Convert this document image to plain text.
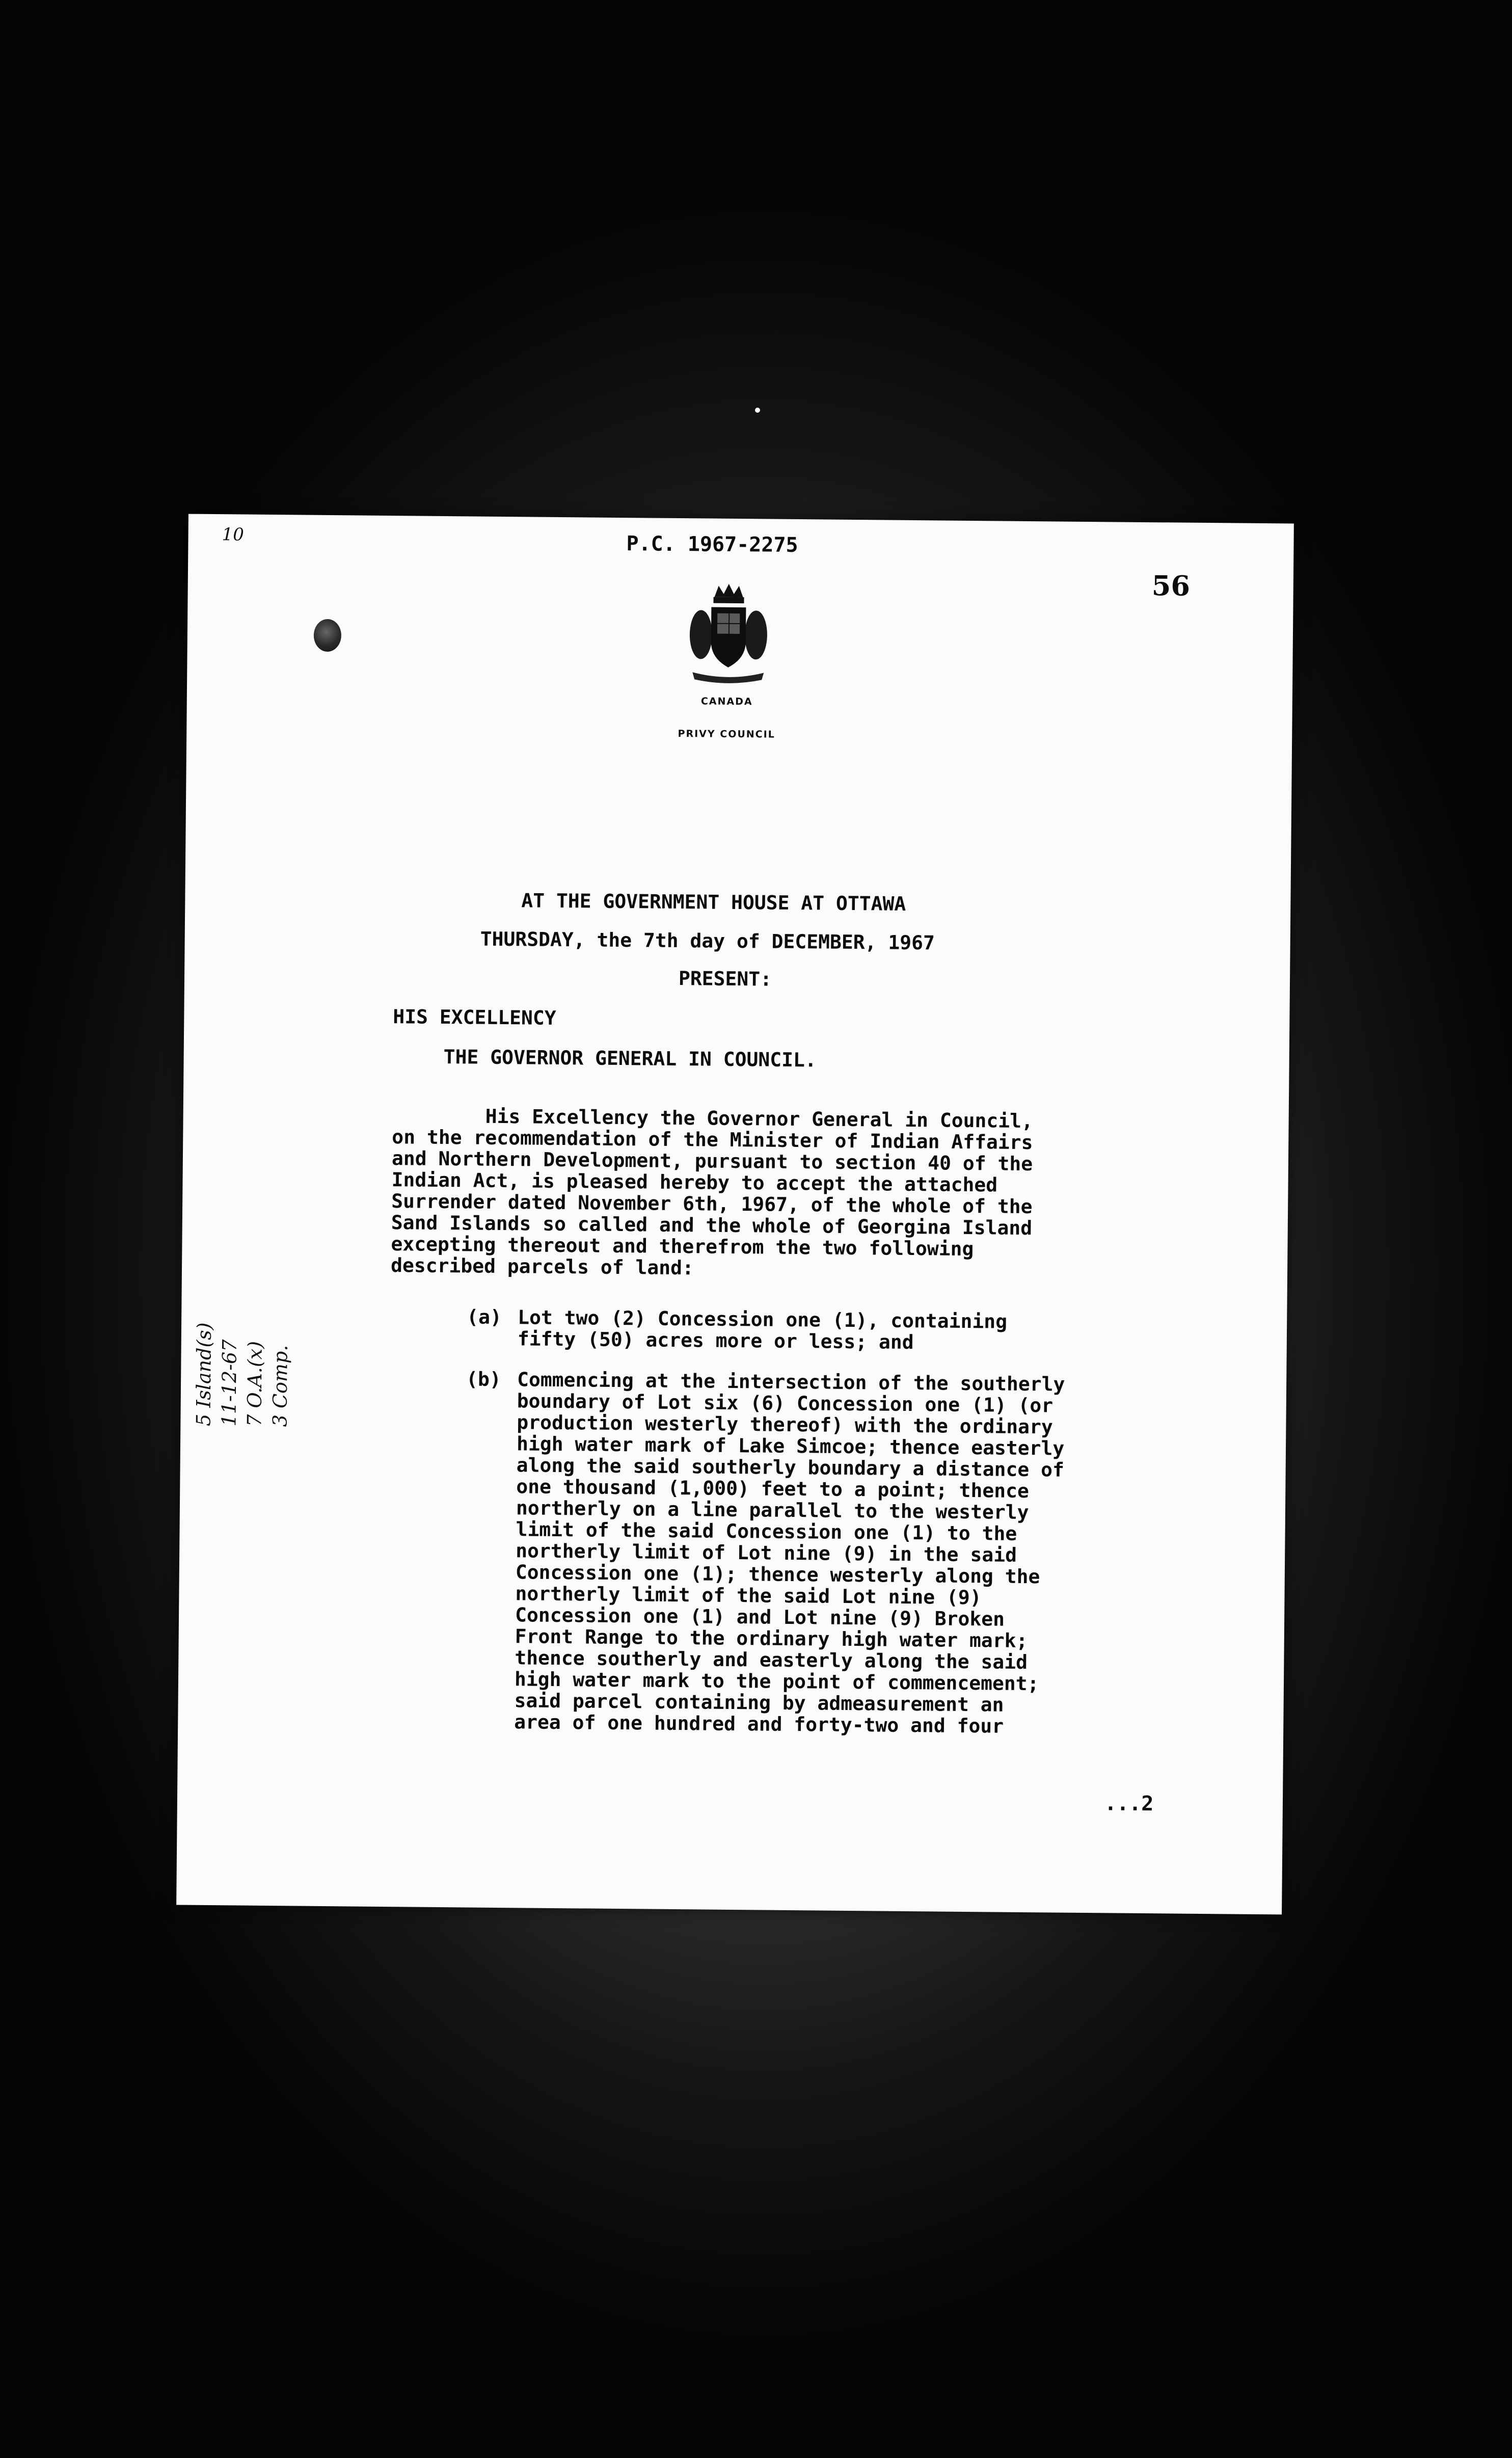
10	P.C. 1967-2275
56
CANADA
PRIVY COUNCIL
AT THE GOVERNMENT HOUSE AT OTTAWA
THURSDAY, the 7th day of DECEMBER, 1967
PRESENT:
HIS EXCELLENCY
THE GOVERNOR GENERAL IN COUNCIL.
His Excellency the Governor General in Council,
on the recommendation of the Minister of Indian Affairs
and Northern Development, pursuant to section 40 of the
Indian Act, is pleased hereby to accept the attached
Surrender dated November 6th, 1967, of the whole of the
Sand Islands so called and the whole of Georgina Island
excepting thereout and therefrom the two following
described parcels of land:
(a) Lot two (2) Concession one (1), containing
fifty (50) acres more or less; and
(b) Commencing at the intersection of the southerly
boundary of Lot six (6) Concession one (1) (or
production westerly thereof) with the ordinary
high water mark of Lake Simcoe; thence easterly
along the said southerly boundary a distance of
one thousand (1,000) feet to a point; thence
northerly on a line parallel to the westerly
limit of the said Concession one (1) to the
northerly limit of Lot nine (9) in the said
Concession one (1); thence westerly along the
northerly limit of the said Lot nine (9)
Concession one (1) and Lot nine (9) Broken
Front Range to the ordinary high water mark;
thence southerly and easterly along the said
high water mark to the point of commencement;
said parcel containing by admeasurement an
area of one hundred and forty-two and four
...2
5 Island(s) 11-12-67 7 O.A.(x) 3 Comp.
